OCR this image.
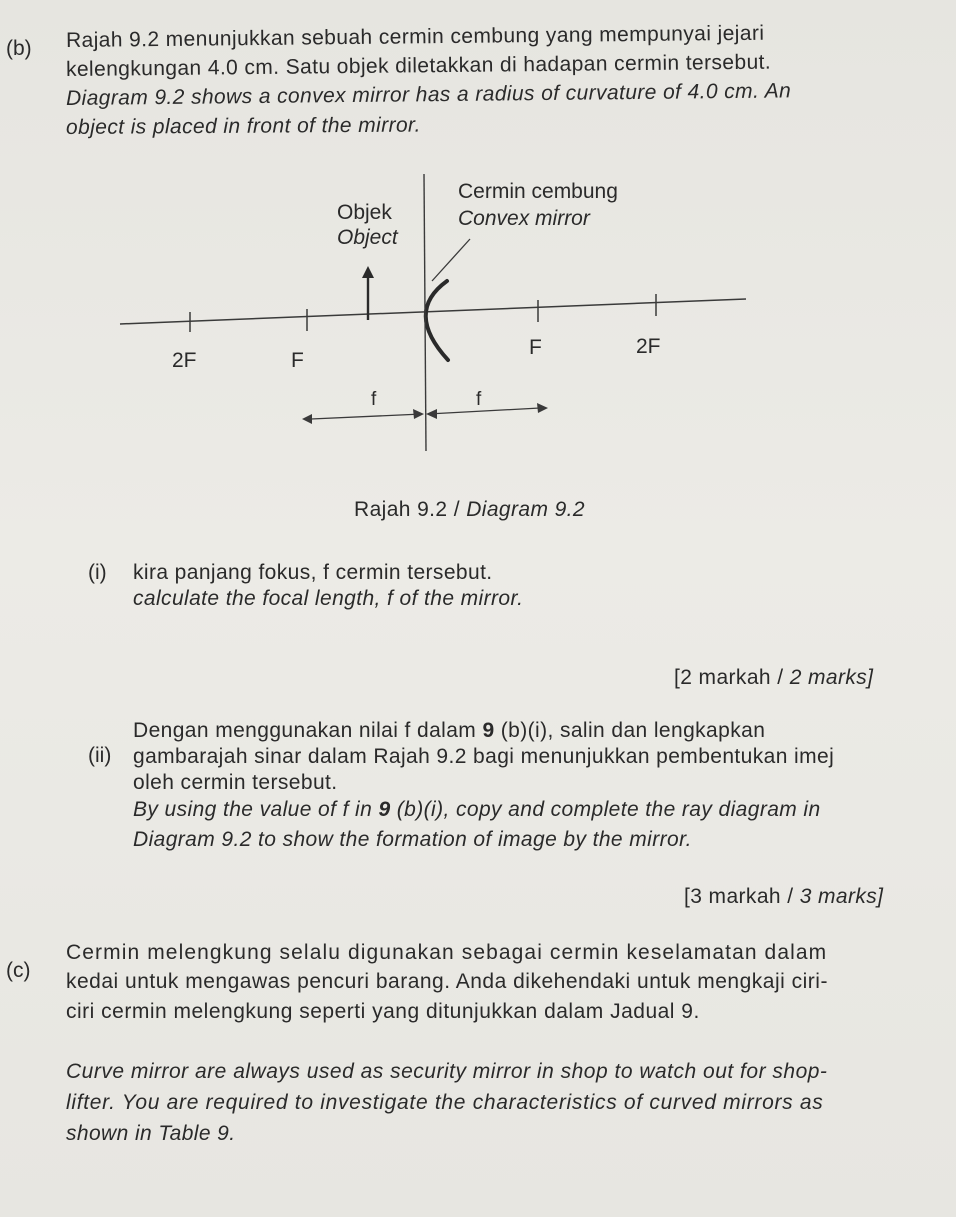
(b) Rajah 9.2 menunjukkan sebuah cermin cembung yang mempunyai jejari
kelengkungan 4.0 cm. Satu objek diletakkan di hadapan cermin tersebut.
Diagram 9.2 shows a convex mirror has a radius of curvature of 4.0 cm. An
object is placed in front of the mirror.
Objek
Object
Cermin cembung
Convex mirror
2F	F
F	2F
f	f
Rajah 9.2 / Diagram 9.2
(i) kira panjang fokus, f cermin tersebut.
calculate the focal length, f of the mirror.
[2 markah / 2 marks]
(ii)
Dengan menggunakan nilai f dalam 9 (b)(i), salin dan lengkapkan
gambarajah sinar dalam Rajah 9.2 bagi menunjukkan pembentukan imej
oleh cermin tersebut.
By using the value of f in 9 (b)(i), copy and complete the ray diagram in
Diagram 9.2 to show the formation of image by the mirror.
[3 markah / 3 marks]
(c)
Cermin melengkung selalu digunakan sebagai cermin keselamatan dalam
kedai untuk mengawas pencuri barang. Anda dikehendaki untuk mengkaji ciri-
ciri cermin melengkung seperti yang ditunjukkan dalam Jadual 9.
Curve mirror are always used as security mirror in shop to watch out for shop-
lifter. You are required to investigate the characteristics of curved mirrors as
shown in Table 9.
